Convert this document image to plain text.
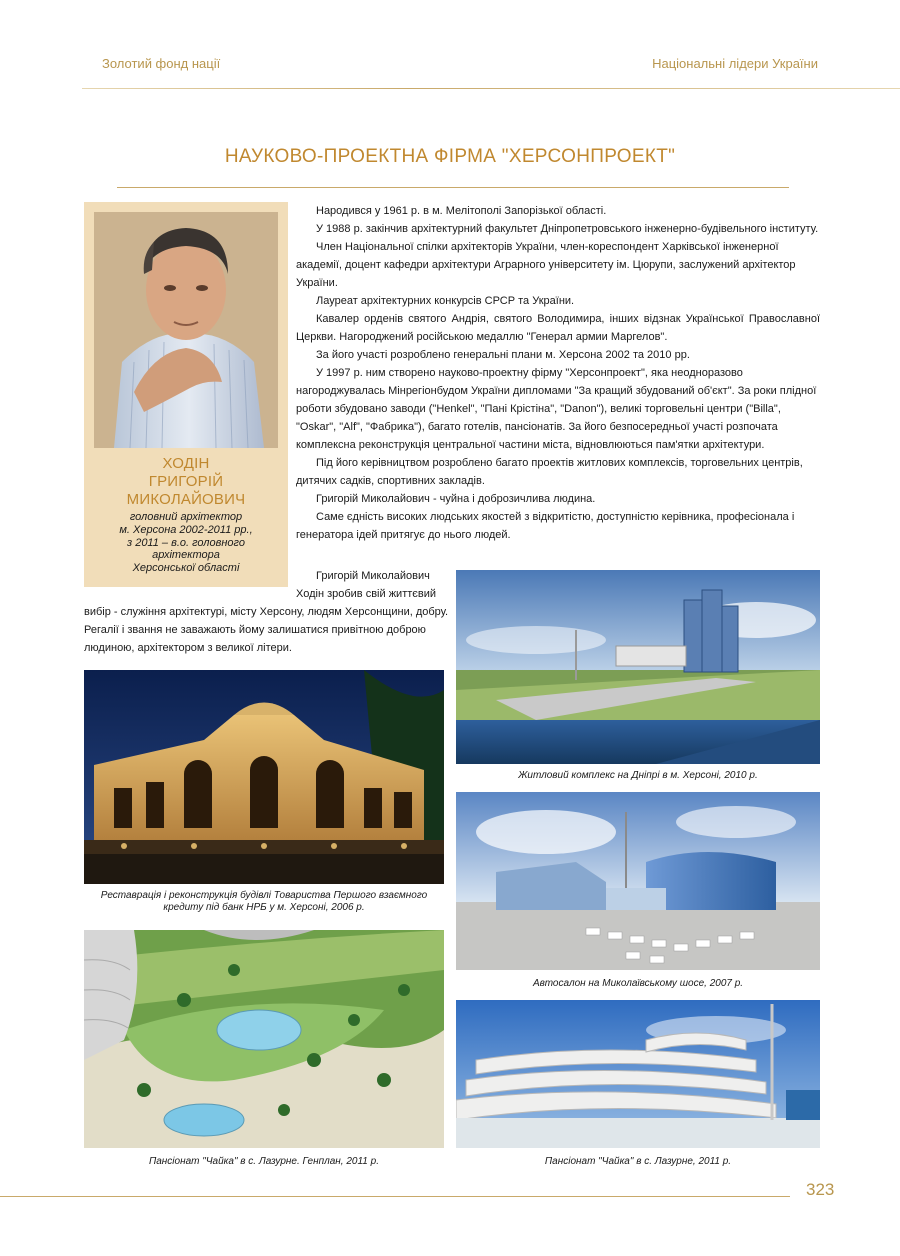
Золотий фонд нації	Національні лідери України
НАУКОВО-ПРОЕКТНА ФІРМА "ХЕРСОНПРОЕКТ"
ХОДІН
ГРИГОРІЙ
МИКОЛАЙОВИЧ
головний архітектор
м. Херсона 2002-2011 рр.,
з 2011 – в.о. головного
архітектора
Херсонської області

Народився у 1961 р. в м. Мелітополі Запорізької області.

У 1988 р. закінчив архітектурний факультет Дніпропетровського інженерно-будівельного інституту.

Член Національної спілки архітекторів України, член-кореспондент Харківської інженерної академії, доцент кафедри архітектури Аграрного університету ім. Цюрупи, заслужений архітектор України.

Лауреат архітектурних конкурсів СРСР та України.

Кавалер орденів святого Андрія, святого Володимира, інших відзнак Української Православної Церкви. Нагороджений російською медаллю "Генерал армии Маргелов".

За його участі розроблено генеральні плани м. Херсона 2002 та 2010 рр.

У 1997 р. ним створено науково-проектну фірму "Херсонпроект", яка неодноразово нагороджувалась Мінрегіонбудом України дипломами "За кращий збудований об'єкт". За роки плідної роботи збудовано заводи ("Henkel", "Пані Крістіна", "Danon"), великі торговельні центри ("Billa", "Oskar", "Alf", "Фабрика"), багато готелів, пансіонатів. За його безпосередньої участі розпочата комплексна реконструкція центральної частини міста, відновлюються пам'ятки архітектури.

Під його керівництвом розроблено багато проектів житлових комплексів, торговельних центрів, дитячих садків, спортивних закладів.

Григорій Миколайович - чуйна і доброзичлива людина.

Саме єдність високих людських якостей з відкритістю, доступністю керівника, професіонала і генератора ідей притягує до нього людей.

Григорій Миколайович Ходін зробив свій життєвий

вибір - служіння архітектурі, місту Херсону, людям Херсонщини, добру. Регалії і звання не заважають йому залишатися привітною доброю людиною, архітектором з великої літери.

Житловий комплекс на Дніпрі в м. Херсоні, 2010 р.
Реставрація і реконструкція будівлі Товариства Першого взаємного кредиту під банк НРБ у м. Херсоні, 2006 р.
Автосалон на Миколаївському шосе, 2007 р.
Пансіонат "Чайка" в с. Лазурне. Генплан, 2011 р.	Пансіонат "Чайка" в с. Лазурне, 2011 р.
323
